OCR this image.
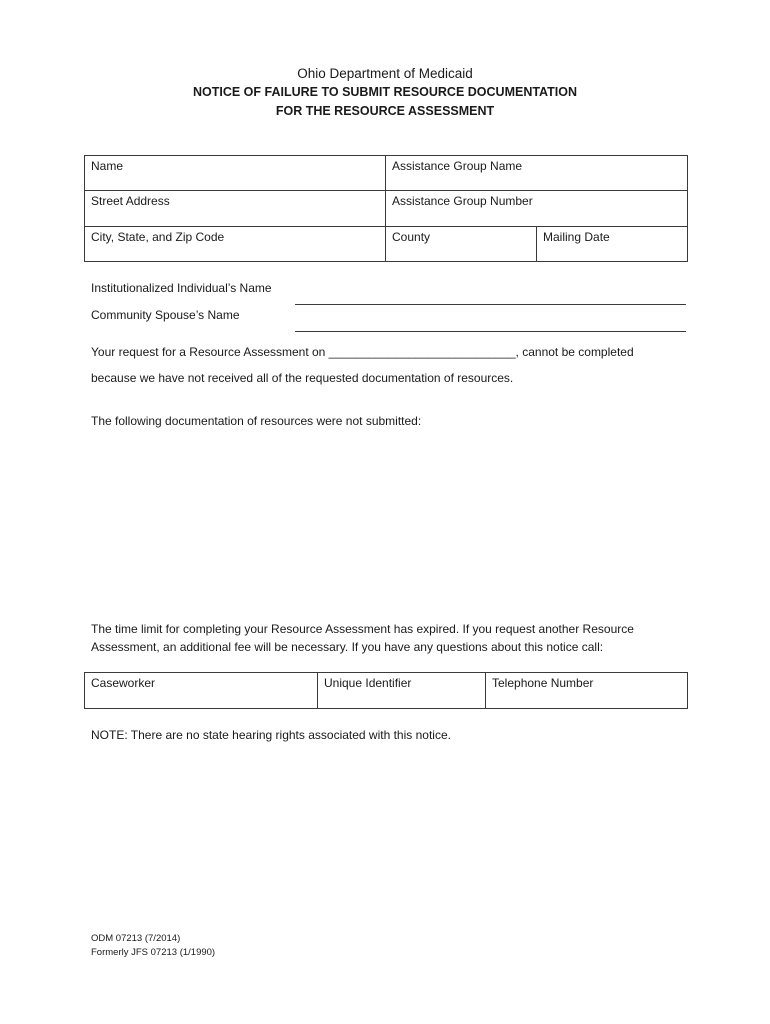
Ohio Department of Medicaid
NOTICE OF FAILURE TO SUBMIT RESOURCE DOCUMENTATION
FOR THE RESOURCE ASSESSMENT
Name	Assistance Group Name	
Street Address	Assistance Group Number	
City, State, and Zip Code	County	Mailing Date
Institutionalized Individual’s Name
Community Spouse’s Name
Your request for a Resource Assessment on ____________________________, cannot be completed
because we have not received all of the requested documentation of resources.
The following documentation of resources were not submitted:
The time limit for completing your Resource Assessment has expired. If you request another Resource
Assessment, an additional fee will be necessary. If you have any questions about this notice call:
Caseworker	Unique Identifier	Telephone Number
NOTE: There are no state hearing rights associated with this notice.
ODM 07213 (7/2014)
Formerly JFS 07213 (1/1990)
